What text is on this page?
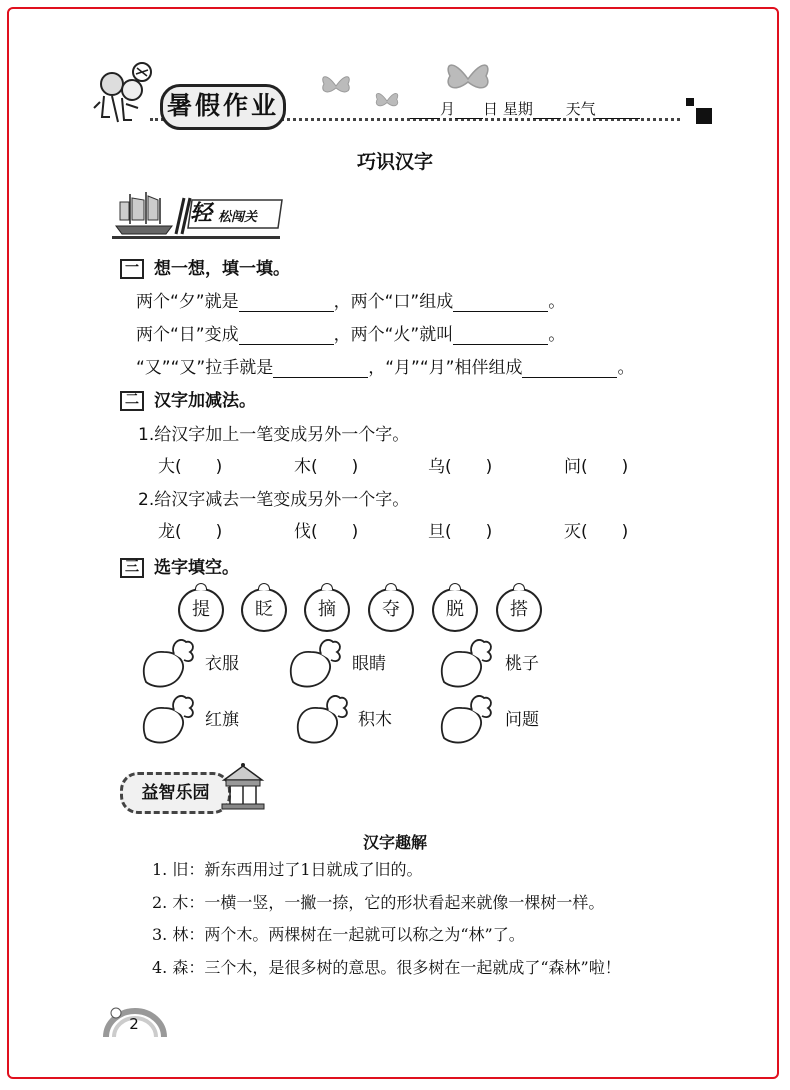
暑假作业	月 日 星期 天气
巧识汉字
轻 松闯关
一 想一想，填一填。
两个“夕”就是	，两个“口”组成	。
两个“日”变成	，两个“火”就叫	。
“又”“又”拉手就是	，“月”“月”相伴组成	。
二 汉字加减法。
1.给汉字加上一笔变成另外一个字。
大(　　)	木(　　)	乌(　　)	问(　　)
2.给汉字减去一笔变成另外一个字。
龙(　　)	伐(　　)	旦(　　)	灭(　　)
三 选字填空。
提	眨	摘	夺	脱	搭
衣服	眼睛	桃子
红旗	积木	问题
益智乐园
汉字趣解
1. 旧：新东西用过了1日就成了旧的。
2. 木：一横一竖，一撇一捺，它的形状看起来就像一棵树一样。
3. 林：两个木。两棵树在一起就可以称之为“林”了。
4. 森：三个木，是很多树的意思。很多树在一起就成了“森林”啦！
2
